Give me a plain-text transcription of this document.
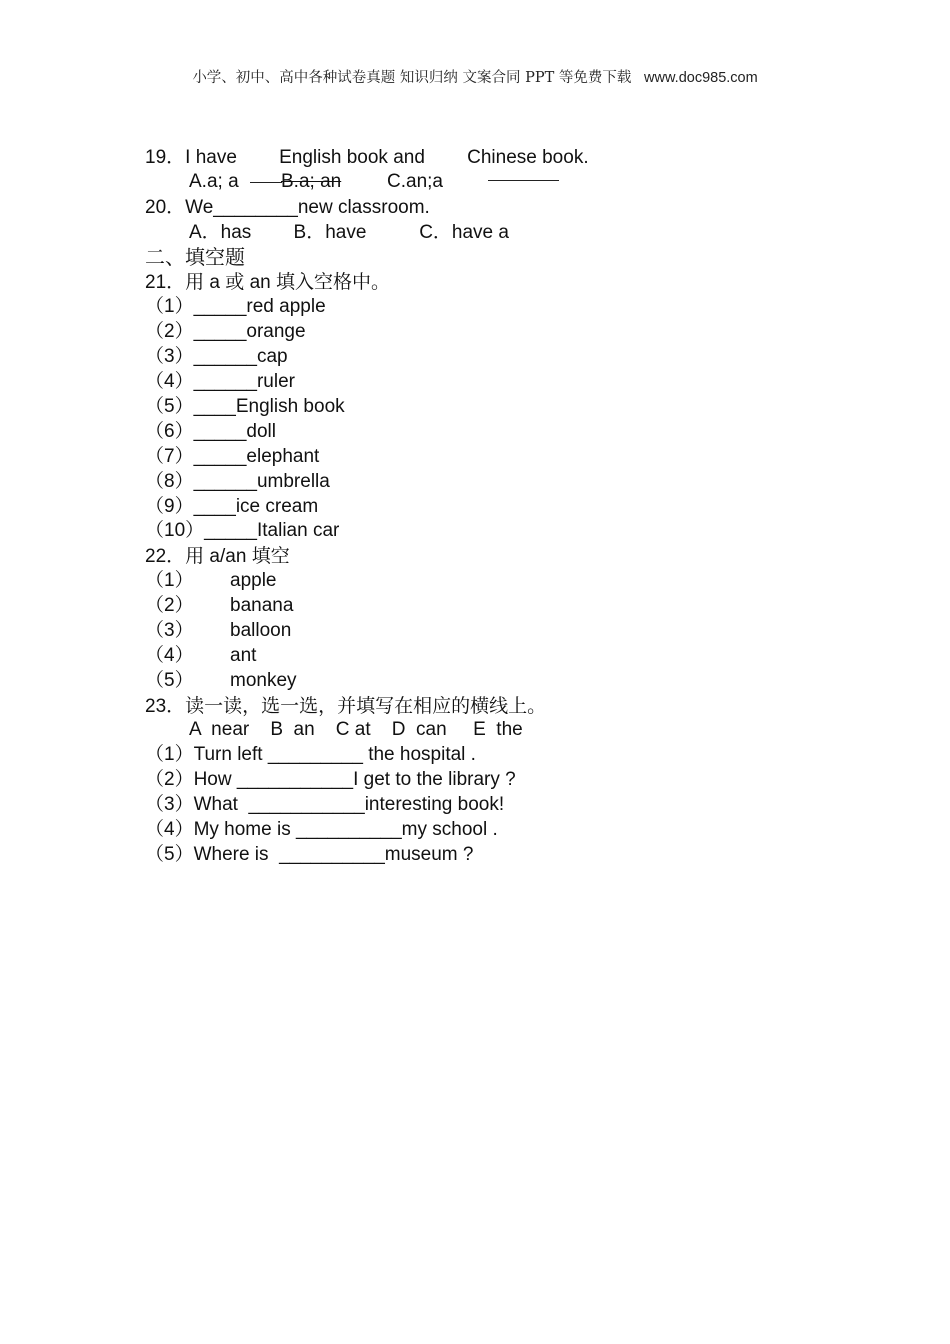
小学、初中、高中各种试卷真题 知识归纳 文案合同 PPT 等免费下载 www.doc985.com
19．I have        English book and        Chinese book.
A.a; a B.a; an C.an;a
20．We________new classroom.
A．has        B．have          C．have a
二、填空题
21．用 a 或 an 填入空格中。
（1）_____red apple
（2）_____orange
（3）______cap
（4）______ruler
（5）____English book
（6）_____doll
（7）_____elephant
（8）______umbrella
（9）____ice cream
（10）_____Italian car
22．用 a/an 填空
（1） apple
（2） banana
（3） balloon
（4） ant
（5） monkey
23．读一读，选一选，并填写在相应的横线上。
A  near    B  an    C at    D  can     E  the
（1）Turn left _________ the hospital .
（2）How ___________I get to the library ?
（3）What  ___________interesting book!
（4）My home is __________my school .
（5）Where is  __________museum ?
